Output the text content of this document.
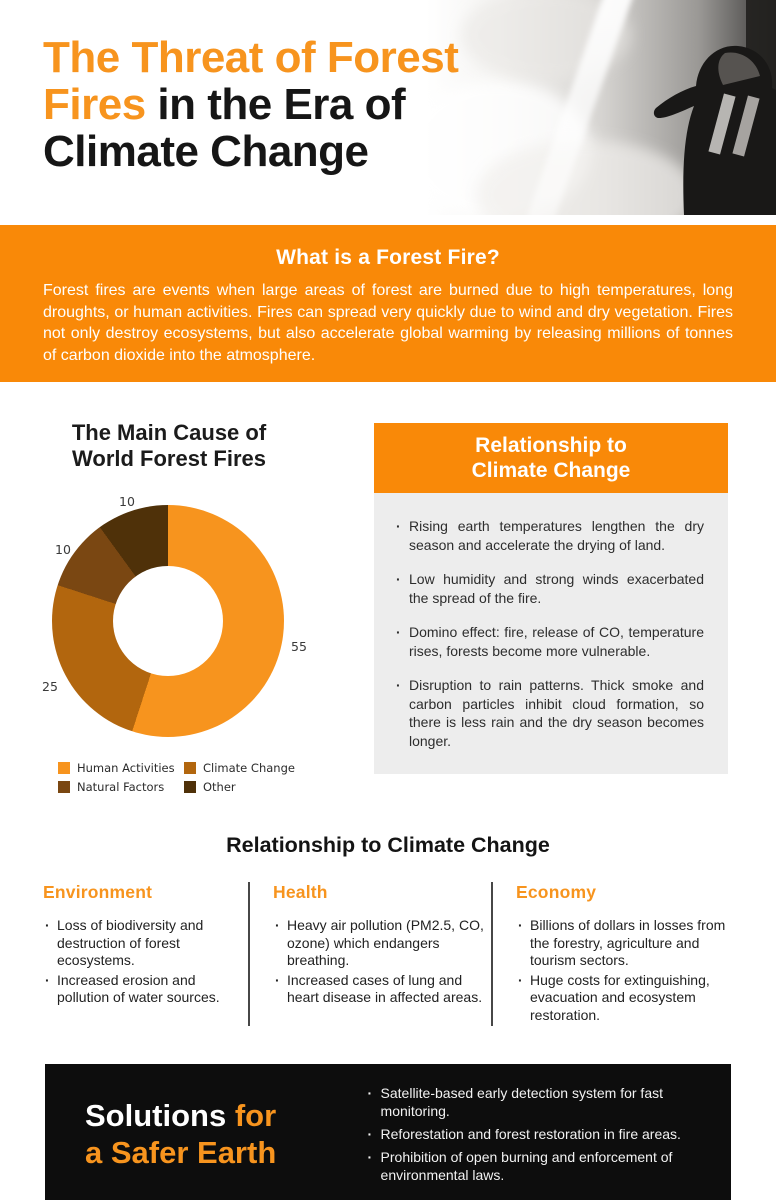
The Threat of Forest
Fires in the Era of
Climate Change
What is a Forest Fire?

Forest fires are events when large areas of forest are burned due to high temperatures, long droughts, or human activities. Fires can spread very quickly due to wind and dry vegetation. Fires not only destroy ecosystems, but also accelerate global warming by releasing millions of tonnes of carbon dioxide into the atmosphere.

The Main Cause of
World Forest Fires
55
25
10
10
Human Activities Climate Change
Natural Factors	Other
Relationship to
Climate Change
· Rising earth temperatures lengthen the dry season and accelerate the drying of land.
· Low humidity and strong winds exacerbated the spread of the fire.
· Domino effect: fire, release of CO, temperature rises, forests become more vulnerable.
· Disruption to rain patterns. Thick smoke and carbon particles inhibit cloud formation, so there is less rain and the dry season becomes longer.
Relationship to Climate Change
Environment
· Loss of biodiversity and destruction of forest ecosystems.
· Increased erosion and pollution of water sources.
Health
· Heavy air pollution (PM2.5, CO, ozone) which endangers breathing.
· Increased cases of lung and heart disease in affected areas.
Economy
· Billions of dollars in losses from the forestry, agriculture and tourism sectors.
· Huge costs for extinguishing, evacuation and ecosystem restoration.
Solutions for
a Safer Earth
· Satellite-based early detection system for fast monitoring.
· Reforestation and forest restoration in fire areas.
· Prohibition of open burning and enforcement of environmental laws.
